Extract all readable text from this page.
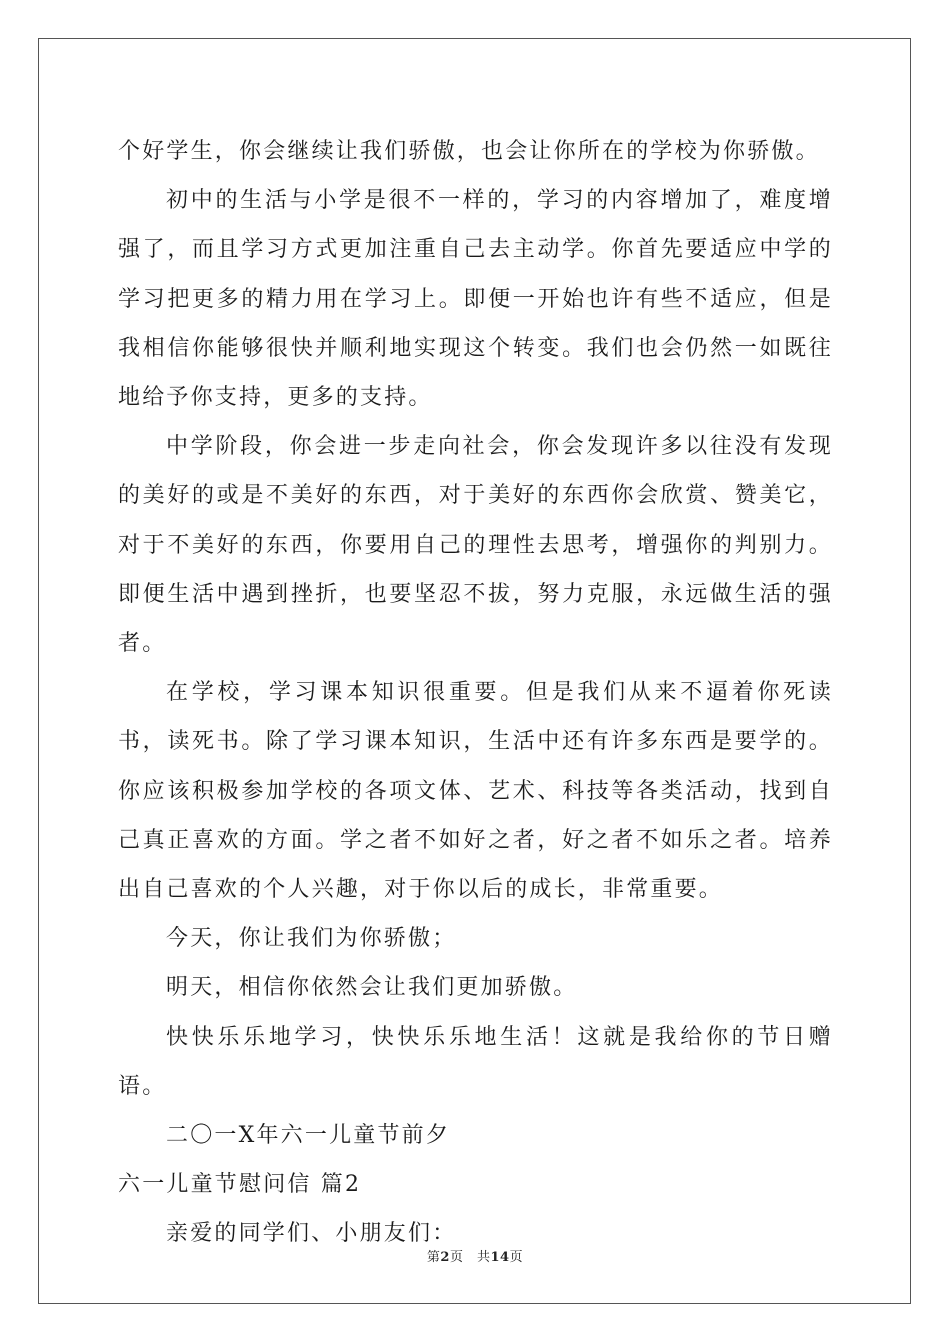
个好学生，你会继续让我们骄傲，也会让你所在的学校为你骄傲。

初中的生活与小学是很不一样的，学习的内容增加了，难度增强了，而且学习方式更加注重自己去主动学。你首先要适应中学的学习把更多的精力用在学习上。即便一开始也许有些不适应，但是我相信你能够很快并顺利地实现这个转变。我们也会仍然一如既往地给予你支持，更多的支持。

中学阶段，你会进一步走向社会，你会发现许多以往没有发现的美好的或是不美好的东西，对于美好的东西你会欣赏、赞美它，对于不美好的东西，你要用自己的理性去思考，增强你的判别力。即便生活中遇到挫折，也要坚忍不拔，努力克服，永远做生活的强者。

在学校，学习课本知识很重要。但是我们从来不逼着你死读书，读死书。除了学习课本知识，生活中还有许多东西是要学的。你应该积极参加学校的各项文体、艺术、科技等各类活动，找到自己真正喜欢的方面。学之者不如好之者，好之者不如乐之者。培养出自己喜欢的个人兴趣，对于你以后的成长，非常重要。

今天，你让我们为你骄傲；

明天，相信你依然会让我们更加骄傲。

快快乐乐地学习，快快乐乐地生活！这就是我给你的节日赠语。

二〇一X年六一儿童节前夕

六一儿童节慰问信 篇2

亲爱的同学们、小朋友们：

第2页　共14页
